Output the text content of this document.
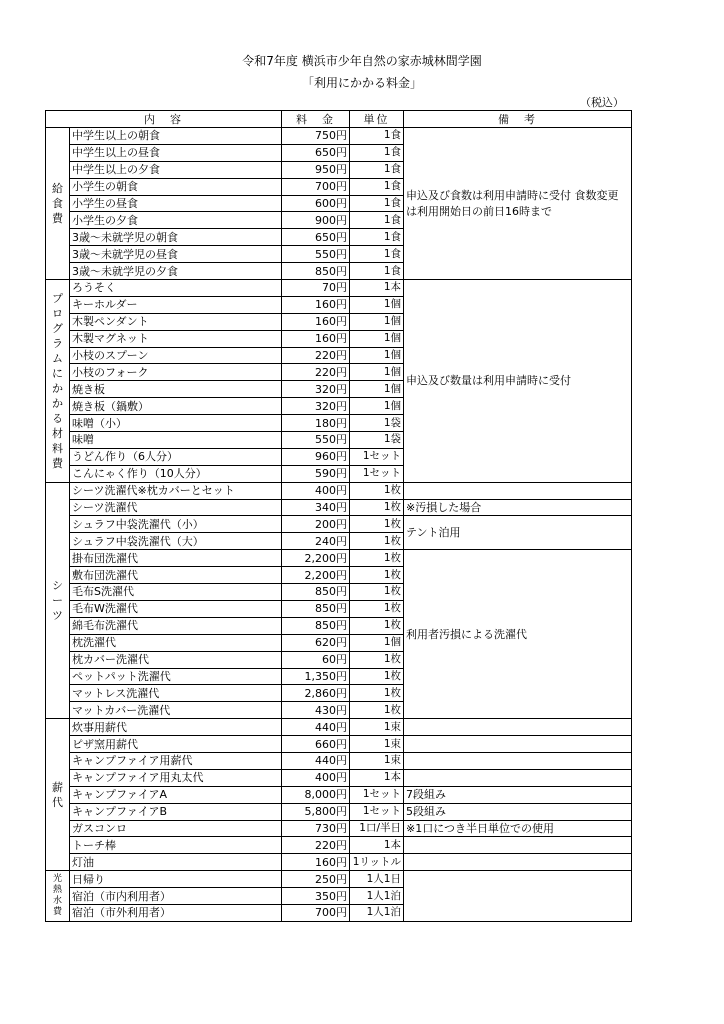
令和7年度 横浜市少年自然の家赤城林間学園
「利用にかかる料金」
（税込）
内　容		料　金	単位	備　考

給食費	中学生以上の朝食	750円	1食	申込及び食数は利用申請時に受付 食数変更は利用開始日の前日16時まで
	中学生以上の昼食	650円	1食	
	中学生以上の夕食	950円	1食	
	小学生の朝食	700円	1食	
	小学生の昼食	600円	1食	
	小学生の夕食	900円	1食	
	3歳～未就学児の朝食	650円	1食	
	3歳～未就学児の昼食	550円	1食	
	3歳～未就学児の夕食	850円	1食	

プログラムにかかる材料費	ろうそく	70円	1本	申込及び数量は利用申請時に受付
	キーホルダー	160円	1個	
	木製ペンダント	160円	1個	
	木製マグネット	160円	1個	
	小枝のスプーン	220円	1個	
	小枝のフォーク	220円	1個	
	焼き板	320円	1個	
	焼き板（鍋敷）	320円	1個	
	味噌（小）	180円	1袋	
	味噌	550円	1袋	
	うどん作り（6人分）	960円	1セット	
	こんにゃく作り（10人分）	590円	1セット	

シーツ	シーツ洗濯代※枕カバーとセット	400円	1枚	
	シーツ洗濯代	340円	1枚	※汚損した場合
	シュラフ中袋洗濯代（小）	200円	1枚	テント泊用
	シュラフ中袋洗濯代（大）	240円	1枚	
	掛布団洗濯代	2,200円	1枚	利用者汚損による洗濯代
	敷布団洗濯代	2,200円	1枚	
	毛布S洗濯代	850円	1枚	
	毛布W洗濯代	850円	1枚	
	綿毛布洗濯代	850円	1枚	
	枕洗濯代	620円	1個	
	枕カバー洗濯代	60円	1枚	
	ペットパット洗濯代	1,350円	1枚	
	マットレス洗濯代	2,860円	1枚	
	マットカバー洗濯代	430円	1枚	

薪代	炊事用薪代	440円	1束	
	ピザ窯用薪代	660円	1束	
	キャンプファイア用薪代	440円	1束	
	キャンプファイア用丸太代	400円	1本	
	キャンプファイアA	8,000円	1セット	7段組み
	キャンプファイアB	5,800円	1セット	5段組み
	ガスコンロ	730円	1口/半日	※1口につき半日単位での使用
	トーチ棒	220円	1本	
	灯油	160円	1リットル	

光熱水費	日帰り	250円	1人1日	
	宿泊（市内利用者）	350円	1人1泊	
	宿泊（市外利用者）	700円	1人1泊	
